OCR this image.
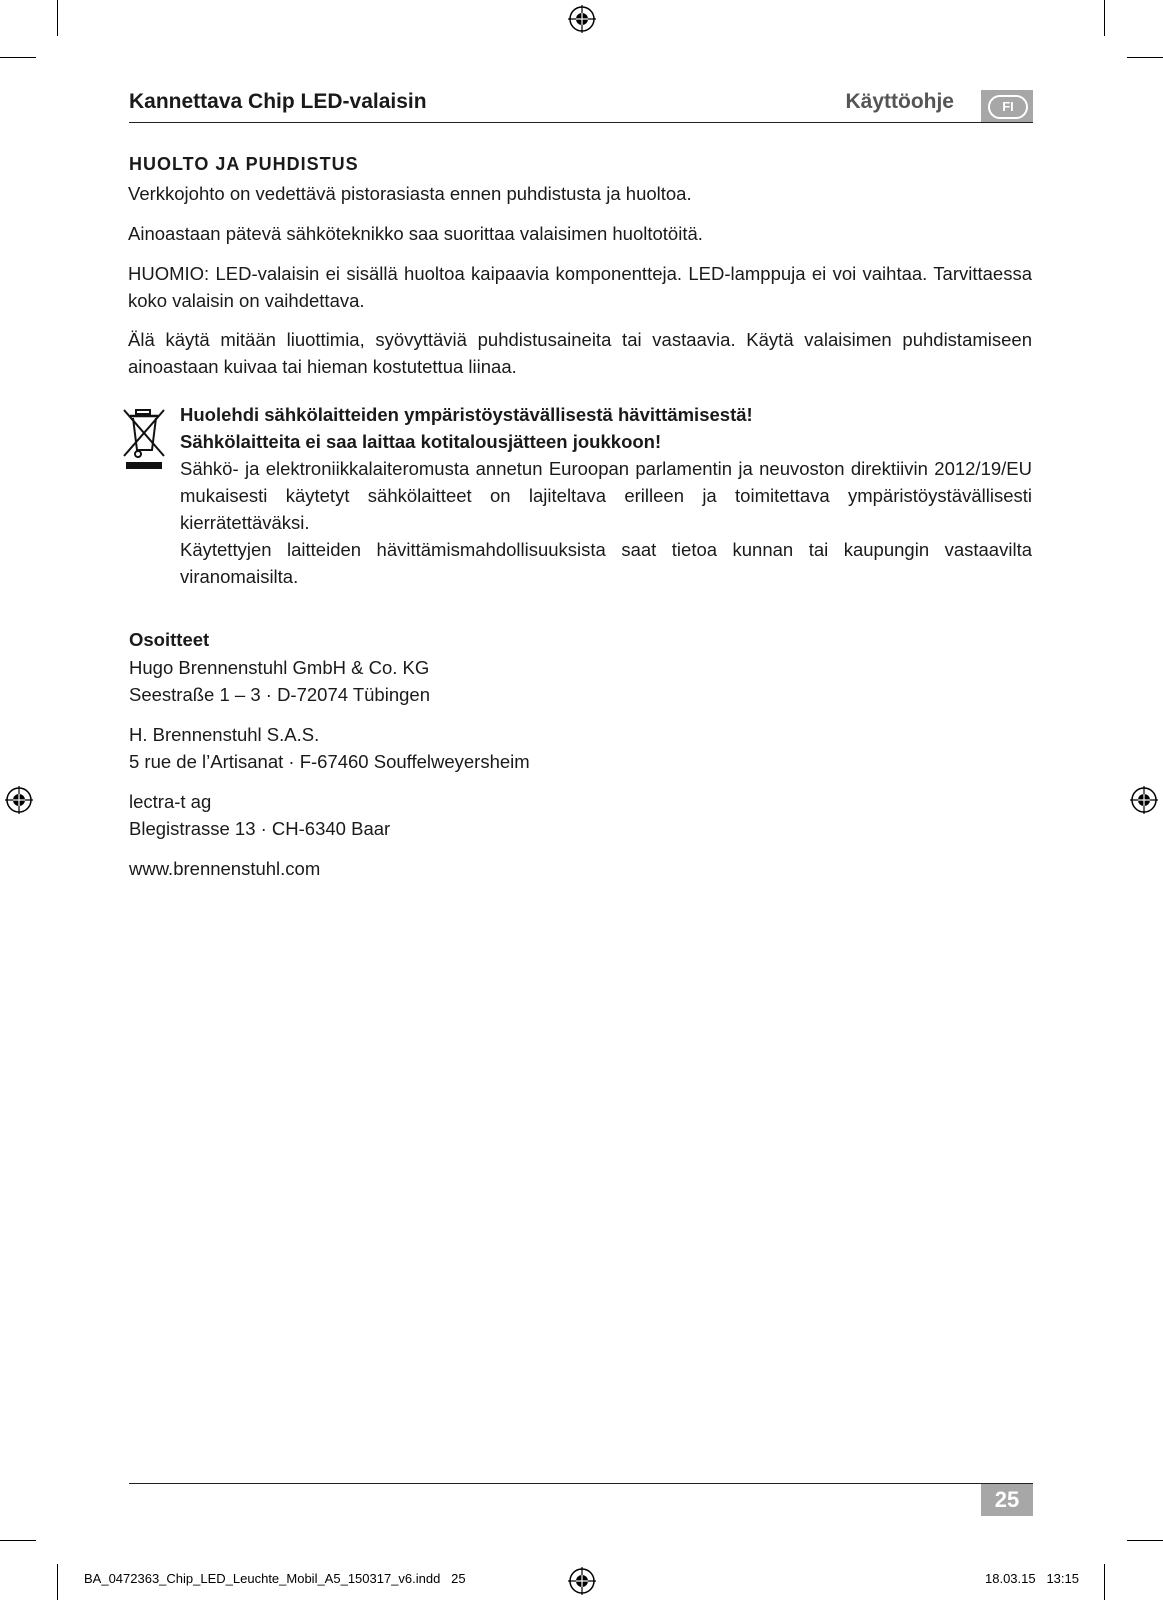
Kannettava Chip LED-valaisin	Käyttöohje	FI
HUOLTO JA PUHDISTUS
Verkkojohto on vedettävä pistorasiasta ennen puhdistusta ja huoltoa.
Ainoastaan pätevä sähköteknikko saa suorittaa valaisimen huoltotöitä.
HUOMIO: LED-valaisin ei sisällä huoltoa kaipaavia komponentteja. LED-lamppuja ei voi vaihtaa. Tarvittaessa koko valaisin on vaihdettava.
Älä käytä mitään liuottimia, syövyttäviä puhdistusaineita tai vastaavia. Käytä valaisimen puhdistamiseen ainoastaan kuivaa tai hieman kostutettua liinaa.
Huolehdi sähkölaitteiden ympäristöystävällisestä hävittämisestä!
Sähkölaitteita ei saa laittaa kotitalousjätteen joukkoon!
Sähkö- ja elektroniikkalaiteromusta annetun Euroopan parlamentin ja neuvoston direktiivin 2012/19/EU mukaisesti käytetyt sähkölaitteet on lajiteltava erilleen ja toimitettava ympäristöystävällisesti kierrätettäväksi.
Käytettyjen laitteiden hävittämismahdollisuuksista saat tietoa kunnan tai kaupungin vastaavilta viranomaisilta.
Osoitteet
Hugo Brennenstuhl GmbH & Co. KG
Seestraße 1 – 3 · D-72074 Tübingen
H. Brennenstuhl S.A.S.
5 rue de l’Artisanat · F-67460 Souffelweyersheim
lectra-t ag
Blegistrasse 13 · CH-6340 Baar
www.brennenstuhl.com
25
BA_0472363_Chip_LED_Leuchte_Mobil_A5_150317_v6.indd   25	18.03.15   13:15
